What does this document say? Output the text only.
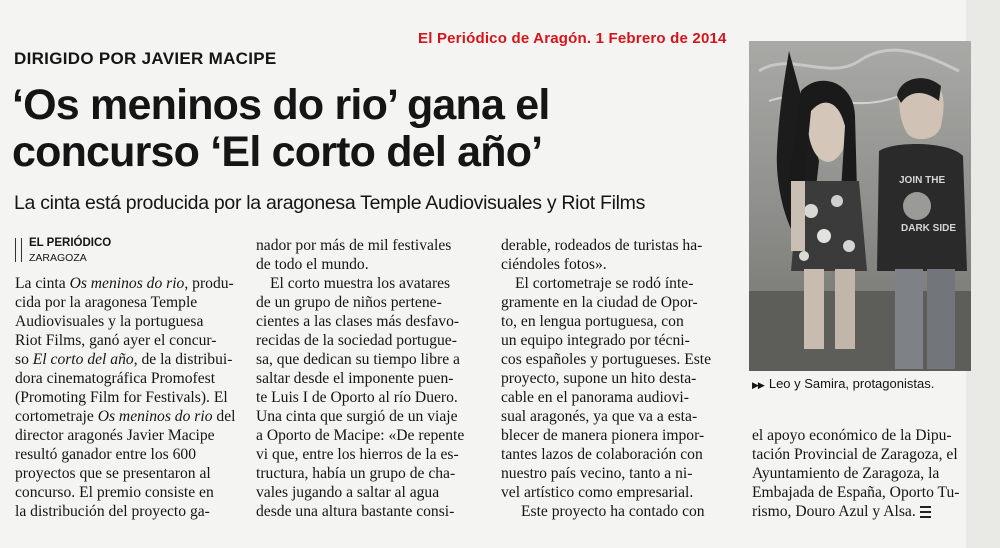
El Periódico de Aragón. 1 Febrero de 2014
DIRIGIDO POR JAVIER MACIPE
‘Os meninos do rio’ gana el
concurso ‘El corto del año’
La cinta está producida por la aragonesa Temple Audiovisuales y Riot Films
EL PERIÓDICO
ZARAGOZA
JOIN THE
DARK SIDE
▶▶ Leo y Samira, protagonistas.
La cinta Os meninos do rio, produ-
cida por la aragonesa Temple
Audiovisuales y la portuguesa
Riot Films, ganó ayer el concur-
so El corto del año, de la distribui-
dora cinematográfica Promofest
(Promoting Film for Festivals). El
cortometraje Os meninos do rio del
director aragonés Javier Macipe
resultó ganador entre los 600
proyectos que se presentaron al
concurso. El premio consiste en
la distribución del proyecto ga-
nador por más de mil festivales
de todo el mundo.
El corto muestra los avatares
de un grupo de niños pertene-
cientes a las clases más desfavo-
recidas de la sociedad portugue-
sa, que dedican su tiempo libre a
saltar desde el imponente puen-
te Luis I de Oporto al río Duero.
Una cinta que surgió de un viaje
a Oporto de Macipe: «De repente
vi que, entre los hierros de la es-
tructura, había un grupo de cha-
vales jugando a saltar al agua
desde una altura bastante consi-
derable, rodeados de turistas ha-
ciéndoles fotos».
El cortometraje se rodó ínte-
gramente en la ciudad de Opor-
to, en lengua portuguesa, con
un equipo integrado por técni-
cos españoles y portugueses. Este
proyecto, supone un hito desta-
cable en el panorama audiovi-
sual aragonés, ya que va a esta-
blecer de manera pionera impor-
tantes lazos de colaboración con
nuestro país vecino, tanto a ni-
vel artístico como empresarial.
Este proyecto ha contado con
el apoyo económico de la Dipu-
tación Provincial de Zaragoza, el
Ayuntamiento de Zaragoza, la
Embajada de España, Oporto Tu-
rismo, Douro Azul y Alsa.
